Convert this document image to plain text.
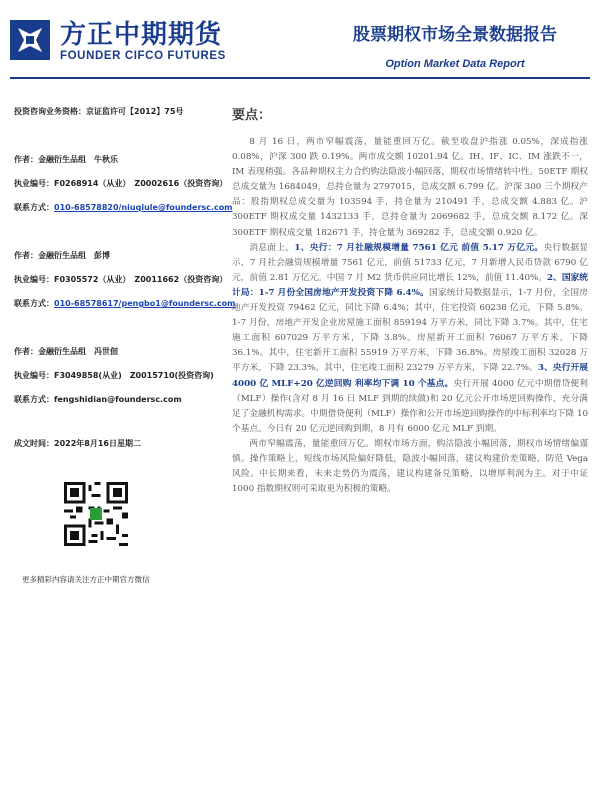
方正中期期货
FOUNDER CIFCO FUTURES
股票期权市场全景数据报告
Option Market Data Report
投资咨询业务资格：京证监许可【2012】75号
作者：金融衍生品组　牛秋乐
执业编号：F0268914（从业）　Z0002616（投资咨询）
联系方式：010-68578820/niuqiule@foundersc.com
作者：金融衍生品组　彭博
执业编号：F0305572（从业）　Z0011662（投资咨询）
联系方式：010-68578617/pengbo1@foundersc.com
作者：金融衍生品组　冯世佃
执业编号：F3049858(从业)　Z0015710(投资咨询)
联系方式：fengshidian@foundersc.com
成文时间：2022年8月16日星期二
更多精彩内容请关注方正中期官方微信
要点：

8 月 16 日，两市窄幅震荡，量能重回万亿。截至收盘沪指涨 0.05%，深成指涨 0.08%，沪深 300 跌 0.19%。两市成交额 10201.94 亿。IH、IF、IC、IM 涨跌不一，IM 表现稍强。各品种期权主力合约购法隐波小幅回落，期权市场情绪转中性。50ETF 期权总成交量为 1684049，总持仓量为 2797015，总成交额 6.799 亿。沪深 300 三个期权产品：股指期权总成交量为 103594 手，持仓量为 210491 手，总成交额 4.883 亿。沪 300ETF 期权成交量 1432133 手，总持仓量为 2069682 手，总成交额 8.172 亿。深 300ETF 期权成交量 182671 手，持仓量为 369282 手，总成交额 0.920 亿。

消息面上，1、央行：7 月社融规模增量 7561 亿元 前值 5.17 万亿元。央行数据显示，7 月社会融资规模增量 7561 亿元，前值 51733 亿元，7 月新增人民币贷款 6790 亿元，前值 2.81 万亿元。中国 7 月 M2 货币供应同比增长 12%，前值 11.40%。2、国家统计局：1-7 月份全国房地产开发投资下降 6.4%。国家统计局数据显示，1-7 月份，全国房地产开发投资 79462 亿元，同比下降 6.4%；其中，住宅投资 60238 亿元，下降 5.8%。1-7 月份，房地产开发企业房屋施工面积 859194 万平方米，同比下降 3.7%。其中，住宅施工面积 607029 万平方米，下降 3.8%。房屋新开工面积 76067 万平方米，下降 36.1%。其中，住宅新开工面积 55919 万平方米，下降 36.8%。房屋竣工面积 32028 万平方米，下降 23.3%。其中，住宅竣工面积 23279 万平方米，下降 22.7%。3、央行开展 4000 亿 MLF+20 亿逆回购 利率均下调 10 个基点。央行开展 4000 亿元中期借贷便利（MLF）操作(含对 8 月 16 日 MLF 到期的续做)和 20 亿元公开市场逆回购操作，充分满足了金融机构需求。中期借贷便利（MLF）操作和公开市场逆回购操作的中标利率均下降 10 个基点。今日有 20 亿元逆回购到期，8 月有 6000 亿元 MLF 到期。

两市窄幅震荡，量能重回万亿。期权市场方面，购沽隐波小幅回落，期权市场情绪偏谨慎。操作策略上，短线市场风险偏好降低，隐波小幅回落，建议构建价差策略，防范 Vega 风险。中长期来看，未来走势仍为震荡，建议构建备兑策略，以增厚利润为主。对于中证 1000 指数期权则可采取更为积极的策略。
